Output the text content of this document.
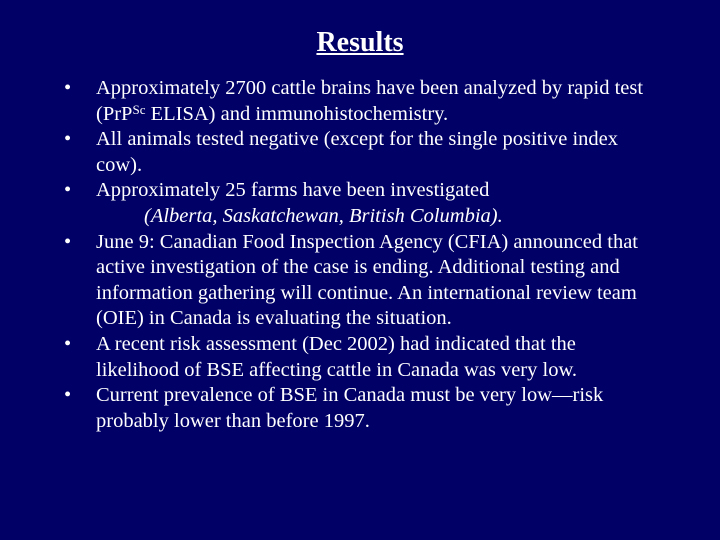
Results
• Approximately 2700 cattle brains have been analyzed by rapid test (PrP$^{Sc}$ ELISA) and immunohistochemistry.
• All animals tested negative (except for the single positive index cow).
• Approximately 25 farms have been investigated
(Alberta, Saskatchewan, British Columbia).
• June 9: Canadian Food Inspection Agency (CFIA) announced that active investigation of the case is ending. Additional testing and information gathering will continue. An international review team (OIE) in Canada is evaluating the situation.
• A recent risk assessment (Dec 2002) had indicated that the likelihood of BSE affecting cattle in Canada was very low.
• Current prevalence of BSE in Canada must be very low—risk probably lower than before 1997.
